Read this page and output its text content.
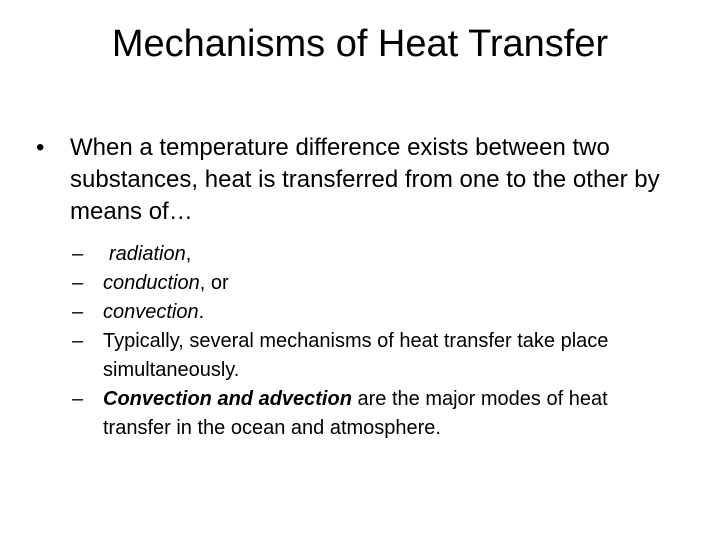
Mechanisms of Heat Transfer
•	When a temperature difference exists between two substances, heat is transferred from one to the other by means of…
–	radiation,
– conduction, or
– convection.
– Typically, several mechanisms of heat transfer take place simultaneously.
– Convection and advection are the major modes of heat transfer in the ocean and atmosphere.
